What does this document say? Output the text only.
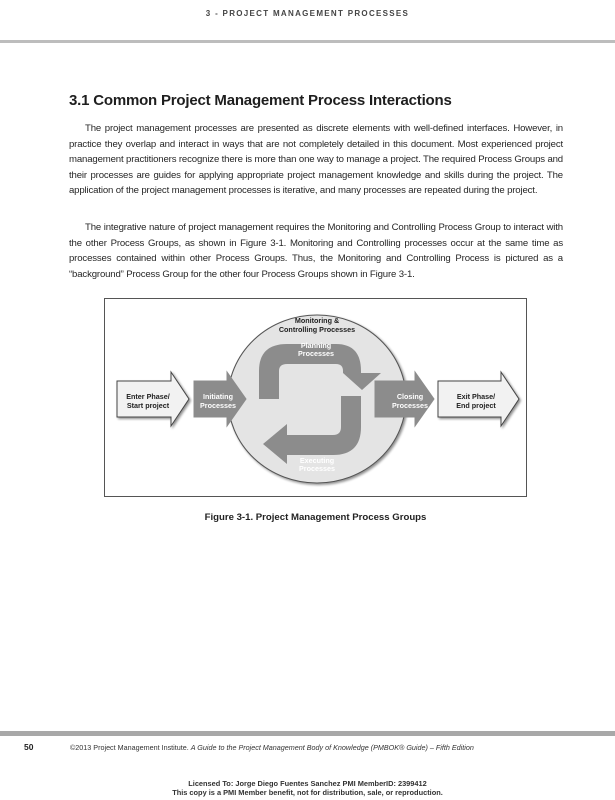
3 - PROJECT MANAGEMENT PROCESSES
3.1 Common Project Management Process Interactions

The project management processes are presented as discrete elements with well-defined interfaces. However, in practice they overlap and interact in ways that are not completely detailed in this document. Most experienced project management practitioners recognize there is more than one way to manage a project. The required Process Groups and their processes are guides for applying appropriate project management knowledge and skills during the project. The application of the project management processes is iterative, and many processes are repeated during the project.

The integrative nature of project management requires the Monitoring and Controlling Process Group to interact with the other Process Groups, as shown in Figure 3-1. Monitoring and Controlling processes occur at the same time as processes contained within other Process Groups. Thus, the Monitoring and Controlling Process is pictured as a “background” Process Group for the other four Process Groups shown in Figure 3-1.

Monitoring &
Controlling Processes
Planning
Processes
Initiating
Processes
Closing
Processes
Executing
Processes
Enter Phase/
Start project
Exit Phase/
End project
Figure 3-1. Project Management Process Groups
50	©2013 Project Management Institute. A Guide to the Project Management Body of Knowledge (PMBOK® Guide) – Fifth Edition
Licensed To: Jorge Diego Fuentes Sanchez PMI MemberID: 2399412
This copy is a PMI Member benefit, not for distribution, sale, or reproduction.
